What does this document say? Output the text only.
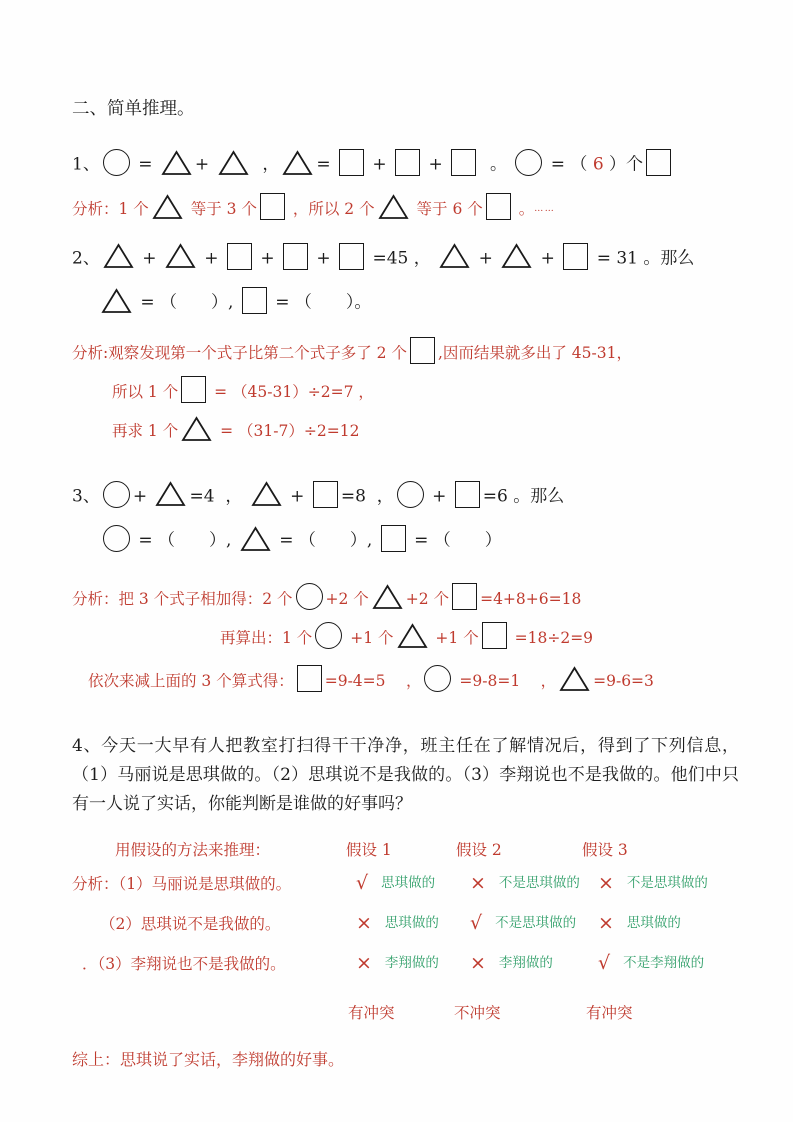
二、简单推理。
1、 =
+
， =  +  +   。  = （ 6 ）个
分析：1 个
等于 3 个 ，所以 2 个
等于 6 个 。……
2、
+
+  +  +  =45 ，
+
+  = 31 。那么
= （　　）,  = （　　）。
分析:观察发现第一个式子比第二个式子多了 2 个 ,因而结果就多出了 45-31，
所以 1 个 = （45-31）÷2=7 ，
再求 1 个
= （31-7）÷2=12
3、 +
=4  ，
+ =8  ， + =6 。那么
= （　　）,
= （　　）,  = （　　）
分析：把 3 个式子相加得：2 个 +2 个 +2 个 =4+8+6=18
再算出：1 个 +1 个
+1 个 =18÷2=9
依次来减上面的 3 个算式得： =9-4=5　 ， =9-8=1　 ， =9-6=3

4、今天一大早有人把教室打扫得干干净净，班主任在了解情况后，得到了下列信息，（1）马丽说是思琪做的。（2）思琪说不是我做的。（3）李翔说也不是我做的。他们中只有一人说了实话，你能判断是谁做的好事吗？

用假设的方法来推理：	假设 1	假设 2	假设 3
分析：（1）马丽说是思琪做的。	√ 思琪做的 × 不是思琪做的 × 不是思琪做的
（2）思琪说不是我做的。	× 思琪做的 √ 不是思琪做的 × 思琪做的
．（3）李翔说也不是我做的。	× 李翔做的 × 李翔做的 √ 不是李翔做的
有冲突	不冲突	有冲突
综上：思琪说了实话，李翔做的好事。
